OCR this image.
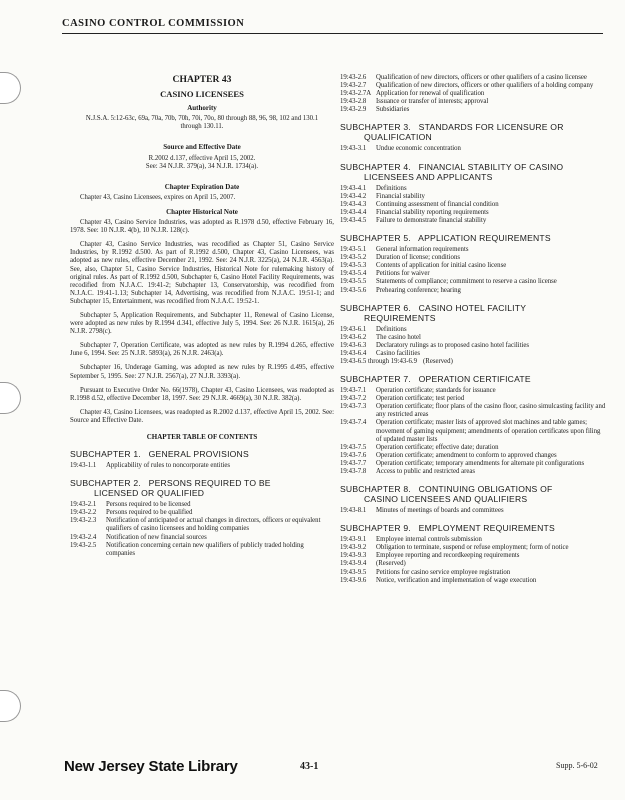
CASINO CONTROL COMMISSION
CHAPTER 43
CASINO LICENSEES
Authority
N.J.S.A. 5:12-63c, 69a, 70a, 70b, 70h, 70i, 70o, 80 through 88, 96, 98, 102 and 130.1 through 130.11.
Source and Effective Date
R.2002 d.137, effective April 15, 2002.
See: 34 N.J.R. 379(a), 34 N.J.R. 1734(a).
Chapter Expiration Date
Chapter 43, Casino Licensees, expires on April 15, 2007.
Chapter Historical Note

Chapter 43, Casino Service Industries, was adopted as R.1978 d.50, effective February 16, 1978. See: 10 N.J.R. 4(b), 10 N.J.R. 128(c).

Chapter 43, Casino Service Industries, was recodified as Chapter 51, Casino Service Industries, by R.1992 d.500. As part of R.1992 d.500, Chapter 43, Casino Licensees, was adopted as new rules, effective December 21, 1992. See: 24 N.J.R. 3225(a), 24 N.J.R. 4563(a). See, also, Chapter 51, Casino Service Industries, Historical Note for rulemaking history of original rules. As part of R.1992 d.500, Subchapter 6, Casino Hotel Facility Requirements, was recodified from N.J.A.C. 19:41-2; Subchapter 13, Conservatorship, was recodified from N.J.A.C. 19:41-1.13; Subchapter 14, Advertising, was recodified from N.J.A.C. 19:51-1; and Subchapter 15, Entertainment, was recodified from N.J.A.C. 19:52-1.

Subchapter 5, Application Requirements, and Subchapter 11, Renewal of Casino License, were adopted as new rules by R.1994 d.341, effective July 5, 1994. See: 26 N.J.R. 1615(a), 26 N.J.R. 2798(c).

Subchapter 7, Operation Certificate, was adopted as new rules by R.1994 d.265, effective June 6, 1994. See: 25 N.J.R. 5893(a), 26 N.J.R. 2463(a).

Subchapter 16, Underage Gaming, was adopted as new rules by R.1995 d.495, effective September 5, 1995. See: 27 N.J.R. 2567(a), 27 N.J.R. 3393(a).

Pursuant to Executive Order No. 66(1978), Chapter 43, Casino Licensees, was readopted as R.1998 d.52, effective December 18, 1997. See: 29 N.J.R. 4669(a), 30 N.J.R. 382(a).

Chapter 43, Casino Licensees, was readopted as R.2002 d.137, effective April 15, 2002. See: Source and Effective Date.

CHAPTER TABLE OF CONTENTS
SUBCHAPTER 1.   GENERAL PROVISIONS
19:43-1.1	Applicability of rules to noncorporate entities
SUBCHAPTER 2.   PERSONS REQUIRED TO BE
LICENSED OR QUALIFIED
19:43-2.1	Persons required to be licensed
19:43-2.2	Persons required to be qualified
19:43-2.3	Notification of anticipated or actual changes in directors, officers or equivalent qualifiers of casino licensees and holding companies
19:43-2.4	Notification of new financial sources
19:43-2.5	Notification concerning certain new qualifiers of publicly traded holding companies
19:43-2.6	Qualification of new directors, officers or other qualifiers of a casino licensee
19:43-2.7	Qualification of new directors, officers or other qualifiers of a holding company
19:43-2.7A Application for renewal of qualification
19:43-2.8	Issuance or transfer of interests; approval
19:43-2.9	Subsidiaries
SUBCHAPTER 3.   STANDARDS FOR LICENSURE OR
QUALIFICATION
19:43-3.1	Undue economic concentration
SUBCHAPTER 4.   FINANCIAL STABILITY OF CASINO
LICENSEES AND APPLICANTS
19:43-4.1	Definitions
19:43-4.2	Financial stability
19:43-4.3	Continuing assessment of financial condition
19:43-4.4	Financial stability reporting requirements
19:43-4.5	Failure to demonstrate financial stability
SUBCHAPTER 5.   APPLICATION REQUIREMENTS
19:43-5.1	General information requirements
19:43-5.2	Duration of license; conditions
19:43-5.3	Contents of application for initial casino license
19:43-5.4	Petitions for waiver
19:43-5.5	Statements of compliance; commitment to reserve a casino license
19:43-5.6	Prehearing conference; hearing
SUBCHAPTER 6.   CASINO HOTEL FACILITY
REQUIREMENTS
19:43-6.1	Definitions
19:43-6.2	The casino hotel
19:43-6.3	Declaratory rulings as to proposed casino hotel facilities
19:43-6.4	Casino facilities
19:43-6.5 through 19:43-6.9 (Reserved)
SUBCHAPTER 7.   OPERATION CERTIFICATE
19:43-7.1	Operation certificate; standards for issuance
19:43-7.2	Operation certificate; test period
19:43-7.3	Operation certificate; floor plans of the casino floor, casino simulcasting facility and any restricted areas
19:43-7.4	Operation certificate; master lists of approved slot machines and table games; movement of gaming equipment; amendments of operation certificates upon filing of updated master lists
19:43-7.5	Operation certificate; effective date; duration
19:43-7.6	Operation certificate; amendment to conform to approved changes
19:43-7.7	Operation certificate; temporary amendments for alternate pit configurations
19:43-7.8	Access to public and restricted areas
SUBCHAPTER 8.   CONTINUING OBLIGATIONS OF
CASINO LICENSEES AND QUALIFIERS
19:43-8.1	Minutes of meetings of boards and committees
SUBCHAPTER 9.   EMPLOYMENT REQUIREMENTS
19:43-9.1	Employee internal controls submission
19:43-9.2	Obligation to terminate, suspend or refuse employment; form of notice
19:43-9.3	Employee reporting and recordkeeping requirements
19:43-9.4	(Reserved)
19:43-9.5	Petitions for casino service employee registration
19:43-9.6	Notice, verification and implementation of wage execution
New Jersey State Library	43-1	Supp. 5-6-02
